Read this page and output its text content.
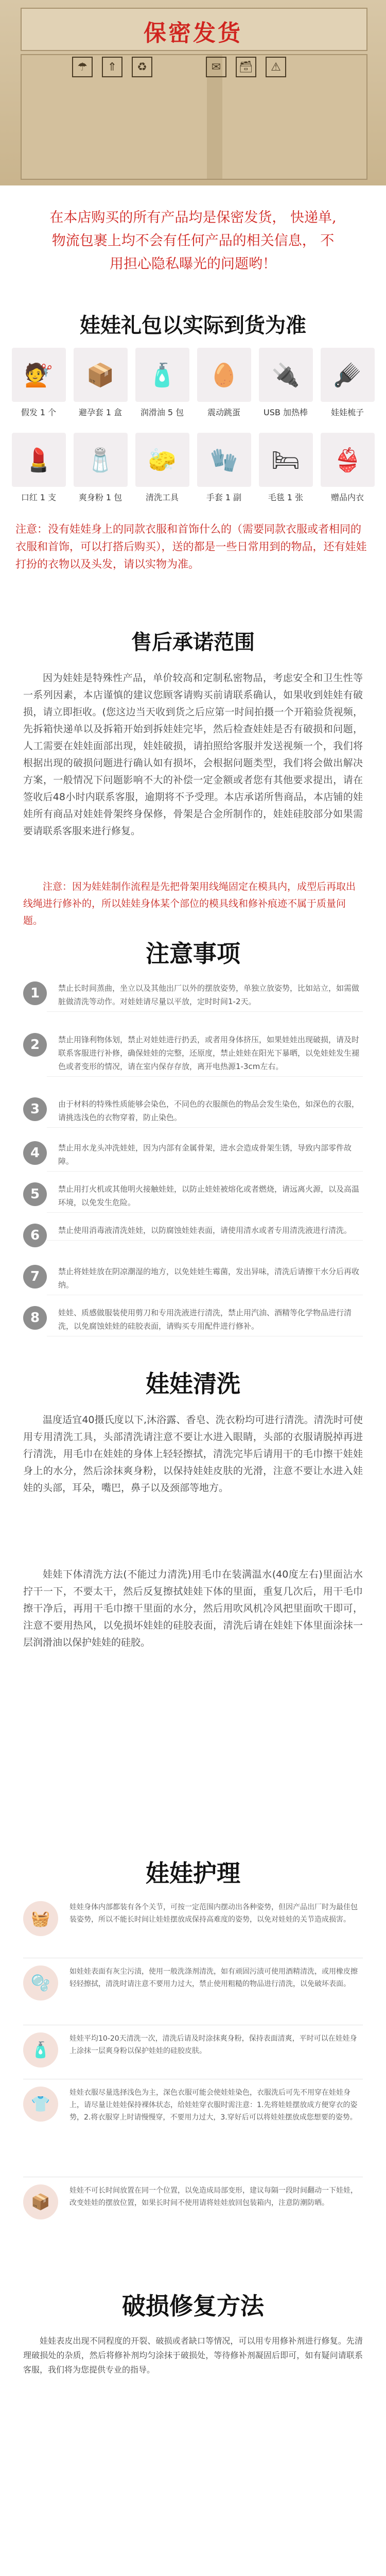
保密发货
☂	⇑	♻	✉	🗃	⚠
在本店购买的所有产品均是保密发货， 快递单,
物流包裹上均不会有任何产品的相关信息， 不
用担心隐私曝光的问题哟！
娃娃礼包以实际到货为准
💇
假发 1 个
📦
避孕套 1 盒
🧴
润滑油 5 包
🥚
震动跳蛋
🔌
USB 加热棒
🪮
娃娃梳子
💄
口红 1 支
🧂
爽身粉 1 包
🧽
清洗工具
🧤
手套 1 副
🛏
毛毯 1 张
👙
赠品内衣
注意：没有娃娃身上的同款衣服和首饰什么的（需要同款衣服或者相同的衣服和首饰，可以打搭后购买），送的都是一些日常用到的物品，还有娃娃打扮的衣物以及头发，请以实物为准。
售后承诺范围
因为娃娃是特殊性产品，单价较高和定制私密物品，考虑安全和卫生性等一系列因素，本店谨慎的建议您顾客请购买前请联系确认，如果收到娃娃有破损，请立即拒收。(您这边当天收到货之后应第一时间拍摄一个开箱验货视频，先拆箱快递单以及拆箱开始到拆娃娃完毕，然后检查娃娃是否有破损和问题，人工需要在娃娃面部出现，娃娃破损，请拍照给客服并发送视频一个，我们将根据出现的破损问题进行确认如有损坏，会根据问题类型，我们将会做出解决方案，一般情况下问题影响不大的补偿一定金额或者您有其他要求提出，请在签收后48小时内联系客服，逾期将不予受理。本店承诺所售商品，本店铺的娃娃所有商品对娃娃骨架终身保修，骨架是合金所制作的，娃娃硅胶部分如果需要请联系客服来进行修复。
注意：因为娃娃制作流程是先把骨架用线绳固定在模具内，成型后再取出线绳进行修补的，所以娃娃身体某个部位的模具线和修补痕迹不属于质量问题。
注意事项
1	禁止长时间蒸曲，坐立以及其他出厂以外的摆放姿势，单独立放姿势，比如站立，如需做脏做清洗等动作。对娃娃请尽量以平放，定时时间1-2天。
2	禁止用锋利物体划，禁止对娃娃进行扔丢，或者用身体挤压，如果娃娃出现破损，请及时联系客服进行补修，确保娃娃的完整，还原度，禁止娃娃在阳光下暴晒，以免娃娃发生褪色或者变形的情况，请在室内保存存放，离开电热源1-3cm左右。
3	由于材料的特殊性质能够会染色，不同色的衣服颜色的物品会发生染色，如深色的衣服，请挑选浅色的衣物穿着，防止染色。
4	禁止用水龙头冲洗娃娃，因为内部有金属骨架，进水会造成骨架生锈，导致内部零件故障。
5	禁止用打火机或其他明火接触娃娃，以防止娃娃被熔化或者燃烧，请远离火源，以及高温环境，以免发生危险。
6	禁止使用消毒液清洗娃娃，以防腐蚀娃娃表面，请使用清水或者专用清洗液进行清洗。
7	禁止将娃娃放在阴凉潮湿的地方，以免娃娃生霉菌，发出异味，清洗后请擦干水分后再收纳。
8	娃娃、质感做服装使用剪刀和专用洗液进行清洗，禁止用汽油、酒精等化学物品进行清洗，以免腐蚀娃娃的硅胶表面，请购买专用配件进行修补。
娃娃清洗
温度适宜40摄氏度以下,沐浴露、香皂、洗衣粉均可进行清洗。清洗时可使用专用清洗工具，头部清洗请注意不要让水进入眼睛，头部的衣服请脱掉再进行清洗，用毛巾在娃娃的身体上轻轻擦拭，清洗完毕后请用干的毛巾擦干娃娃身上的水分，然后涂抹爽身粉，以保持娃娃皮肤的光滑，注意不要让水进入娃娃的头部，耳朵，嘴巴，鼻子以及颈部等地方。
娃娃下体清洗方法(不能过力清洗)用毛巾在装满温水(40度左右)里面沾水拧干一下，不要太干，然后反复擦拭娃娃下体的里面，重复几次后，用干毛巾擦干净后，再用干毛巾擦干里面的水分，然后用吹风机冷风把里面吹干即可，注意不要用热风，以免损坏娃娃的硅胶表面，清洗后请在娃娃下体里面涂抹一层润滑油以保护娃娃的硅胶。
娃娃护理
🧺
娃娃身体内部都装有各个关节，可按一定范围内摆动出各种姿势，但因产品出厂时为最佳包装姿势，所以不能长时间让娃娃摆放成保持高难度的姿势，以免对娃娃的关节造成损害。
🫧
如娃娃表面有灰尘污渍，使用一般洗涤剂清洗，如有顽固污渍可使用酒精清洗，或用橡皮擦轻轻擦拭，清洗时请注意不要用力过大，禁止使用粗糙的物品进行清洗，以免破坏表面。
🧴
娃娃平均10-20天清洗一次，清洗后请及时涂抹爽身粉，保持表面清爽，平时可以在娃娃身上涂抹一层爽身粉以保护娃娃的硅胶皮肤。
👕
娃娃衣服尽量选择浅色为主，深色衣服可能会使娃娃染色，衣服洗后可先不用穿在娃娃身上，请尽量让娃娃保持裸体状态，给娃娃穿衣服时需注意：1.先将娃娃摆放成方便穿衣的姿势，2.将衣服穿上时请慢慢穿，不要用力过大，3.穿好后可以将娃娃摆放成您想要的姿势。
📦
娃娃不可长时间放置在同一个位置，以免造成局部变形，建议每隔一段时间翻动一下娃娃，改变娃娃的摆放位置，如果长时间不使用请将娃娃放回包装箱内，注意防潮防晒。
破损修复方法
娃娃表皮出现不同程度的开裂、破损或者缺口等情况，可以用专用修补剂进行修复。先清理破损处的杂质，然后将修补剂均匀涂抹于破损处，等待修补剂凝固后即可，如有疑问请联系客服，我们将为您提供专业的指导。
